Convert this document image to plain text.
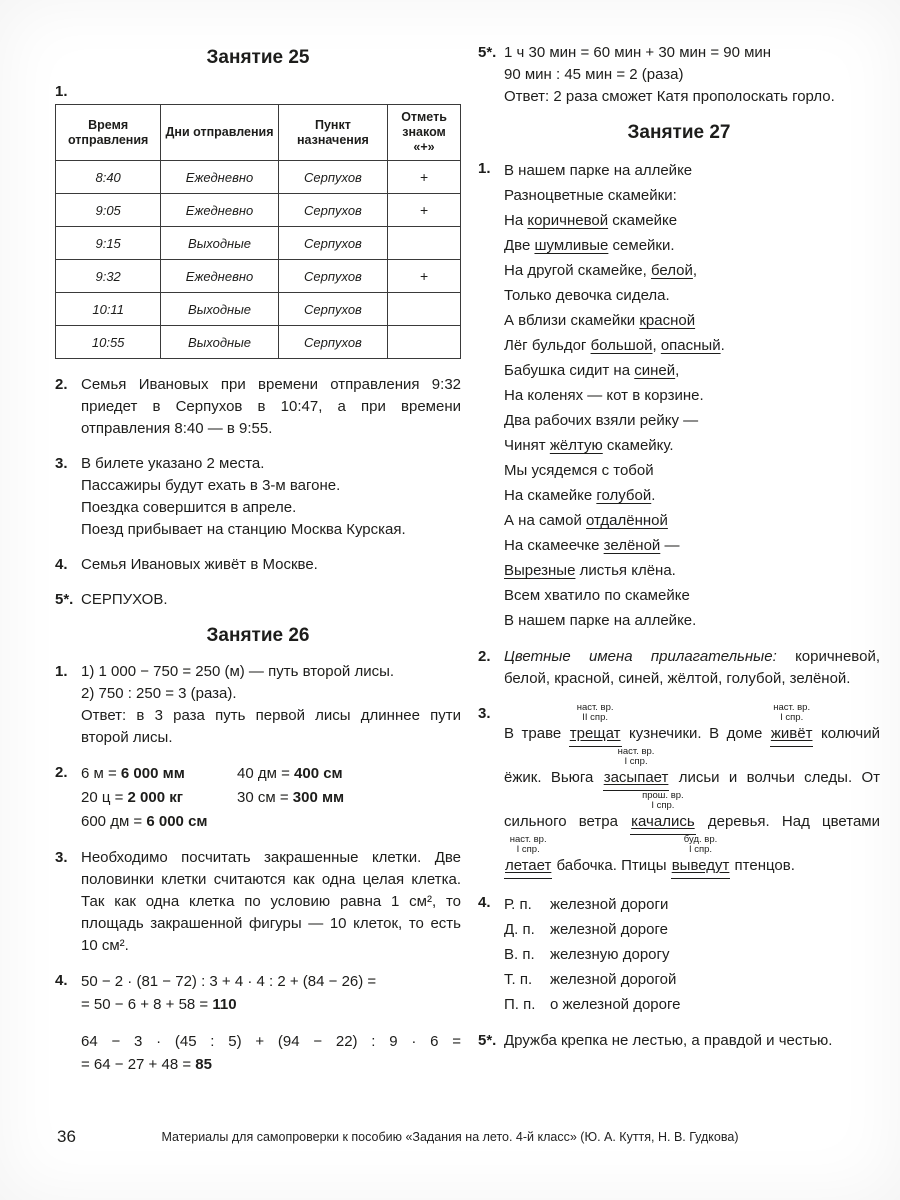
Занятие 25
1.
Время отправления	Дни отправления	Пункт назначения	Отметь знаком «+»
8:40	Ежедневно	Серпухов	+
9:05	Ежедневно	Серпухов	+
9:15	Выходные	Серпухов	
9:32	Ежедневно	Серпухов	+
10:11	Выходные	Серпухов	
10:55	Выходные	Серпухов	
2. Семья Ивановых при времени отправления 9:32 приедет в Серпухов в 10:47, а при времени отправления 8:40 — в 9:55.
3. В билете указано 2 места.
Пассажиры будут ехать в 3-м вагоне.
Поездка совершится в апреле.
Поезд прибывает на станцию Москва Курская.
4. Семья Ивановых живёт в Москве.
5*. СЕРПУХОВ.
Занятие 26
1. 1) 1 000 − 750 = 250 (м) — путь второй лисы.
2) 750 : 250 = 3 (раза).
Ответ: в 3 раза путь первой лисы длиннее пути второй лисы.
2. 6 м = 6 000 мм	40 дм = 400 см
20 ц = 2 000 кг	30 см = 300 мм
600 дм = 6 000 см
3. Необходимо посчитать закрашенные клетки. Две половинки клетки считаются как одна целая клетка. Так как одна клетка по условию равна 1 см², то площадь закрашенной фигуры — 10 клеток, то есть 10 см².
4. 50 − 2 · (81 − 72) : 3 + 4 · 4 : 2 + (84 − 26) =
= 50 − 6 + 8 + 58 = 110
64 − 3 · (45 : 5) + (94 − 22) : 9 · 6 =
= 64 − 27 + 48 = 85
5*. 1 ч 30 мин = 60 мин + 30 мин = 90 мин
90 мин : 45 мин = 2 (раза)
Ответ: 2 раза сможет Катя прополоскать горло.
Занятие 27
1. В нашем парке на аллейке
Разноцветные скамейки:
На коричневой скамейке
Две шумливые семейки.
На другой скамейке, белой,
Только девочка сидела.
А вблизи скамейки красной
Лёг бульдог большой, опасный.
Бабушка сидит на синей,
На коленях — кот в корзине.
Два рабочих взяли рейку —
Чинят жёлтую скамейку.
Мы усядемся с тобой
На скамейке голубой.
А на самой отдалённой
На скамеечке зелёной —
Вырезные листья клёна.
Всем хватило по скамейке
В нашем парке на аллейке.
2. Цветные имена прилагательные: коричневой, белой, красной, синей, жёлтой, голубой, зелёной.
3.
В траве
наст. вр.
II спр.
трещат кузнечики. В доме
наст. вр.
I спр.
живёт колючий ёжик. Вьюга
наст. вр.
I спр.
засыпает лисьи и волчьи следы. От сильного ветра
прош. вр.
I спр.
качались деревья. Над цветами
наст. вр.
I спр.
летает бабочка. Птицы
буд. вр.
I спр.
выведут птенцов.
4. Р. п.	железной дороги
Д. п.	железной дороге
В. п.	железную дорогу
Т. п.	железной дорогой
П. п. о железной дороге
5*. Дружба крепка не лестью, а правдой и честью.
36	Материалы для самопроверки к пособию «Задания на лето. 4-й класс» (Ю. А. Куття, Н. В. Гудкова)
